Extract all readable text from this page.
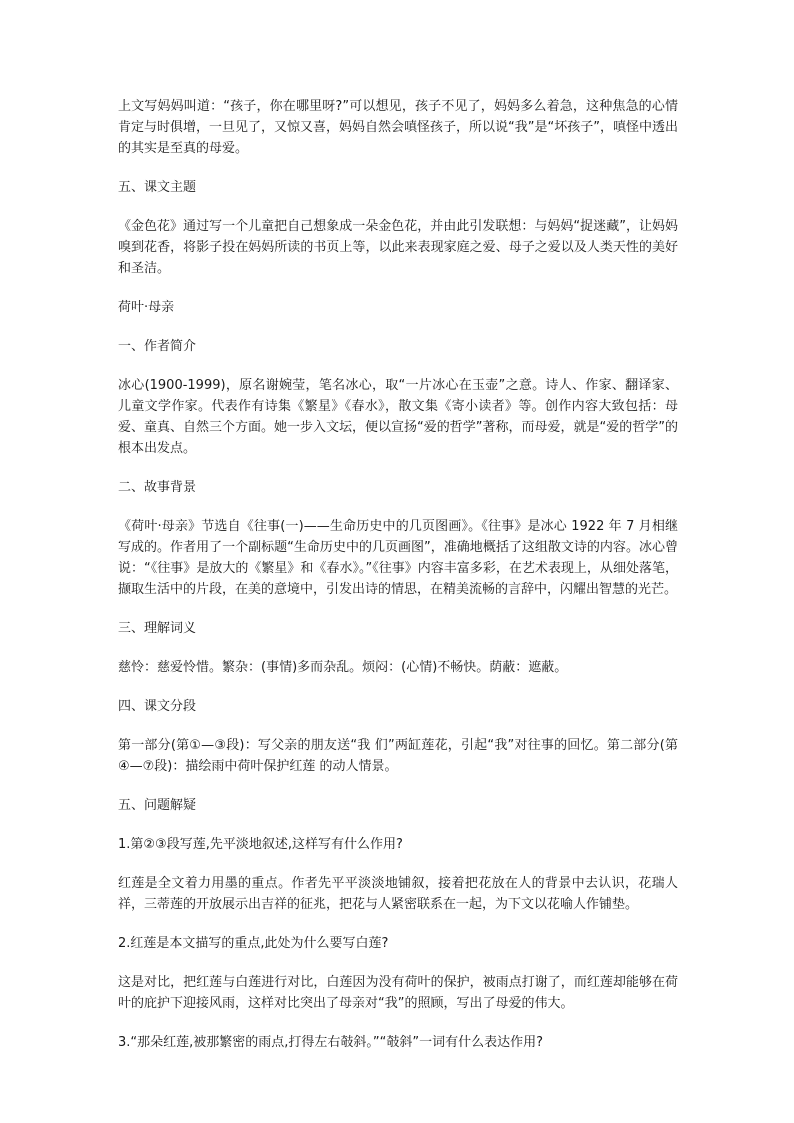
上文写妈妈叫道：“孩子，你在哪里呀?”可以想见，孩子不见了，妈妈多么着急，这种焦急的心情肯定与时俱增，一旦见了，又惊又喜，妈妈自然会嗔怪孩子，所以说“我”是“坏孩子”，嗔怪中透出的其实是至真的母爱。

五、课文主题

《金色花》通过写一个儿童把自己想象成一朵金色花，并由此引发联想：与妈妈“捉迷藏”，让妈妈嗅到花香，将影子投在妈妈所读的书页上等，以此来表现家庭之爱、母子之爱以及人类天性的美好和圣洁。

荷叶·母亲

一、作者简介

冰心(1900-1999)，原名谢婉莹，笔名冰心，取“一片冰心在玉壶”之意。诗人、作家、翻译家、儿童文学作家。代表作有诗集《繁星》《春水》，散文集《寄小读者》等。创作内容大致包括：母爱、童真、自然三个方面。她一步入文坛，便以宣扬“爱的哲学”著称，而母爱，就是“爱的哲学”的根本出发点。

二、故事背景

《荷叶·母亲》节选自《往事(一)——生命历史中的几页图画》。《往事》是冰心 1922 年 7 月相继写成的。作者用了一个副标题“生命历史中的几页画图”，准确地概括了这组散文诗的内容。冰心曾说：“《往事》是放大的《繁星》和《春水》。”《往事》内容丰富多彩，在艺术表现上，从细处落笔，撷取生活中的片段，在美的意境中，引发出诗的情思，在精美流畅的言辞中，闪耀出智慧的光芒。

三、理解词义

慈怜：慈爱怜惜。繁杂：(事情)多而杂乱。烦闷：(心情)不畅快。荫蔽：遮蔽。

四、课文分段

第一部分(第①—③段)：写父亲的朋友送“我 们”两缸莲花，引起“我”对往事的回忆。第二部分(第④—⑦段)：描绘雨中荷叶保护红莲 的动人情景。

五、问题解疑

1.第②③段写莲,先平淡地叙述,这样写有什么作用?

红莲是全文着力用墨的重点。作者先平平淡淡地铺叙，接着把花放在人的背景中去认识，花瑞人祥，三蒂莲的开放展示出吉祥的征兆，把花与人紧密联系在一起，为下文以花喻人作铺垫。

2.红莲是本文描写的重点,此处为什么要写白莲?

这是对比，把红莲与白莲进行对比，白莲因为没有荷叶的保护，被雨点打谢了，而红莲却能够在荷叶的庇护下迎接风雨，这样对比突出了母亲对“我”的照顾，写出了母爱的伟大。

3.“那朵红莲,被那繁密的雨点,打得左右攲斜。”“攲斜”一词有什么表达作用?
